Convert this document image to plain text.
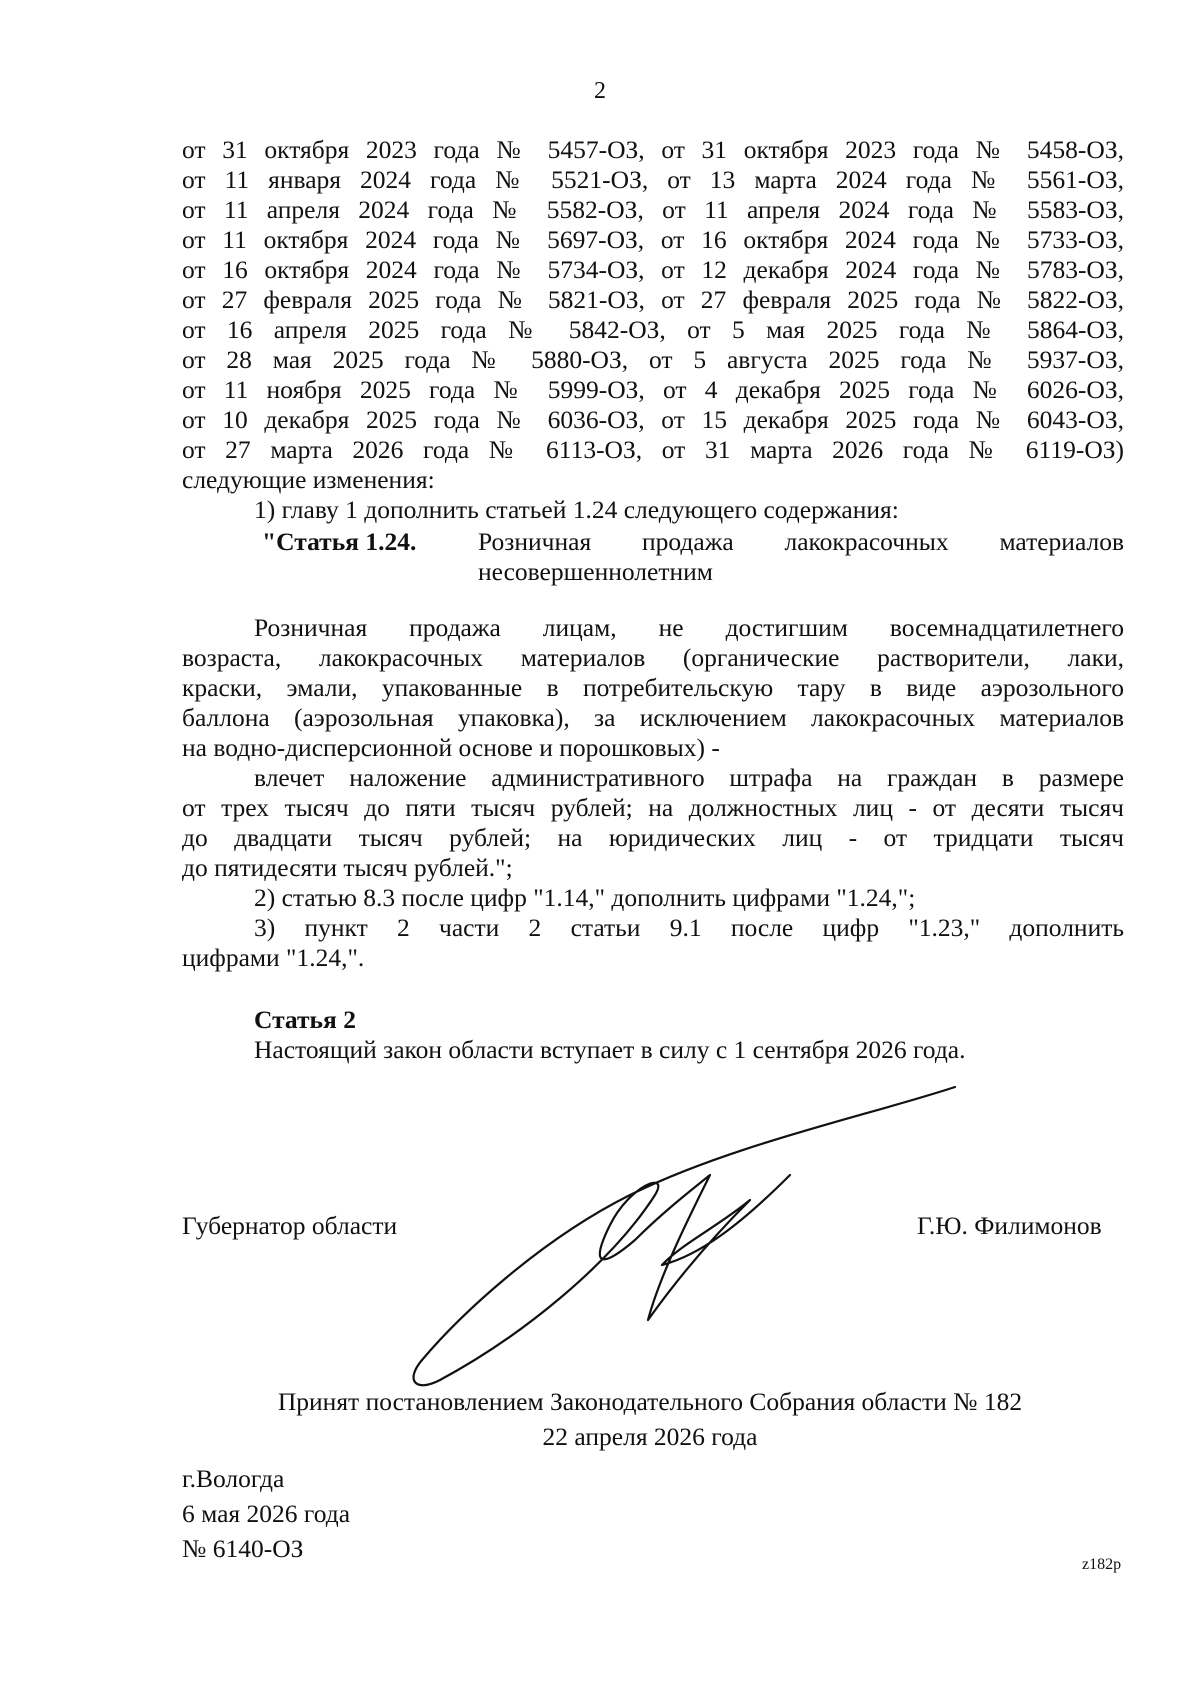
2
от 31 октября 2023 года № 5457-ОЗ, от 31 октября 2023 года № 5458-ОЗ,
от 11 января 2024 года № 5521-ОЗ, от 13 марта 2024 года № 5561-ОЗ,
от 11 апреля 2024 года № 5582-ОЗ, от 11 апреля 2024 года № 5583-ОЗ,
от 11 октября 2024 года № 5697-ОЗ, от 16 октября 2024 года № 5733-ОЗ,
от 16 октября 2024 года № 5734-ОЗ, от 12 декабря 2024 года № 5783-ОЗ,
от 27 февраля 2025 года № 5821-ОЗ, от 27 февраля 2025 года № 5822-ОЗ,
от 16 апреля 2025 года № 5842-ОЗ, от 5 мая 2025 года № 5864-ОЗ,
от 28 мая 2025 года № 5880-ОЗ, от 5 августа 2025 года № 5937-ОЗ,
от 11 ноября 2025 года № 5999-ОЗ, от 4 декабря 2025 года № 6026-ОЗ,
от 10 декабря 2025 года № 6036-ОЗ, от 15 декабря 2025 года № 6043-ОЗ,
от 27 марта 2026 года № 6113-ОЗ, от 31 марта 2026 года № 6119-ОЗ)
следующие изменения:
1) главу 1 дополнить статьей 1.24 следующего содержания:
"Статья 1.24. Розничная продажа лакокрасочных материалов
несовершеннолетним
Розничная продажа лицам, не достигшим восемнадцатилетнего
возраста, лакокрасочных материалов (органические растворители, лаки,
краски, эмали, упакованные в потребительскую тару в виде аэрозольного
баллона (аэрозольная упаковка), за исключением лакокрасочных материалов
на водно-дисперсионной основе и порошковых) -
влечет наложение административного штрафа на граждан в размере
от трех тысяч до пяти тысяч рублей; на должностных лиц - от десяти тысяч
до двадцати тысяч рублей; на юридических лиц - от тридцати тысяч
до пятидесяти тысяч рублей.";
2) статью 8.3 после цифр "1.14," дополнить цифрами "1.24,";
3) пункт 2 части 2 статьи 9.1 после цифр "1.23," дополнить
цифрами "1.24,".
Статья 2
Настоящий закон области вступает в силу с 1 сентября 2026 года.
Губернатор области	Г.Ю. Филимонов
Принят постановлением Законодательного Собрания области № 182
22 апреля 2026 года
г.Вологда
6 мая 2026 года
№ 6140-ОЗ
z182p
